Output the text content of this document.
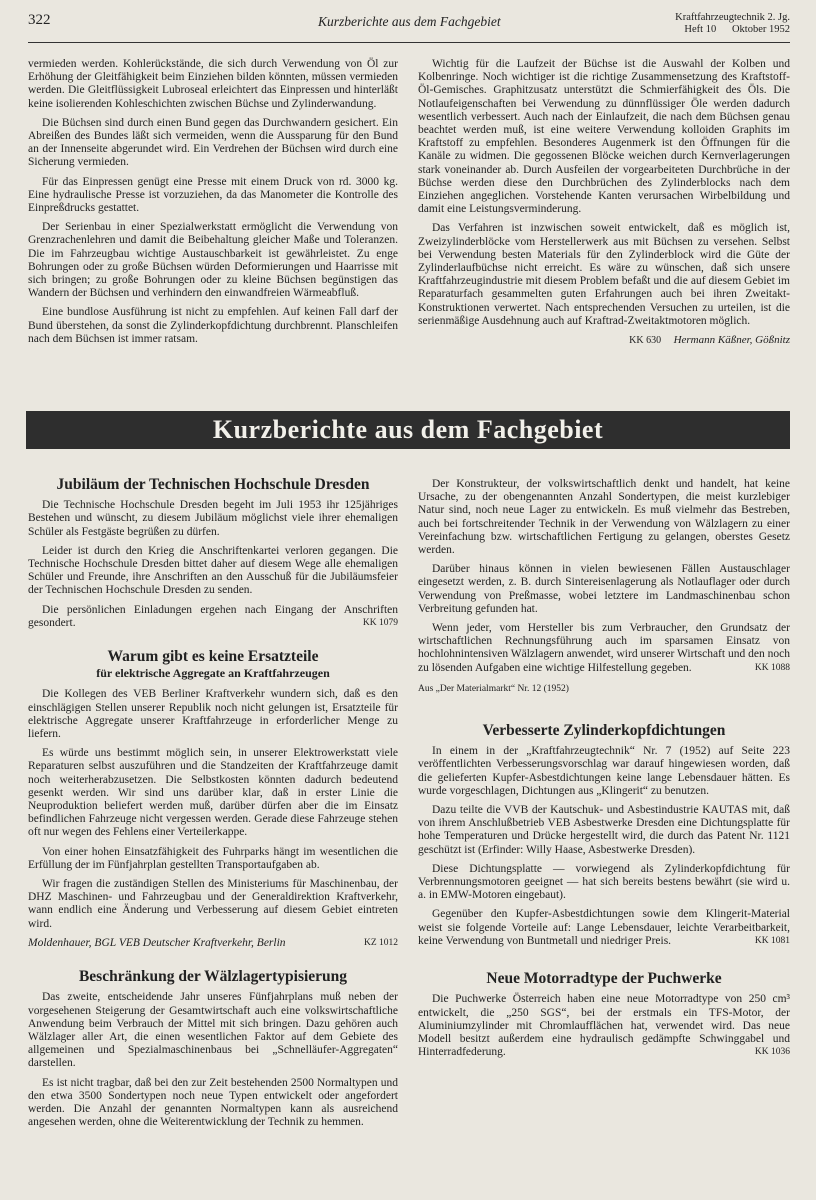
322	Kurzberichte aus dem Fachgebiet	Kraftfahrzeugtechnik 2. Jg.
Heft 10      Oktober 1952

vermieden werden. Kohlerückstände, die sich durch Verwendung von Öl zur Erhöhung der Gleitfähigkeit beim Einziehen bilden könnten, müssen vermieden werden. Die Gleitflüssigkeit Lubroseal erleichtert das Einpressen und hinterläßt keine isolierenden Kohleschichten zwischen Büchse und Zylinderwandung.

Die Büchsen sind durch einen Bund gegen das Durchwandern gesichert. Ein Abreißen des Bundes läßt sich vermeiden, wenn die Aussparung für den Bund an der Innenseite abgerundet wird. Ein Verdrehen der Büchsen wird durch eine Sicherung vermieden.

Für das Einpressen genügt eine Presse mit einem Druck von rd. 3000 kg. Eine hydraulische Presse ist vorzuziehen, da das Manometer die Kontrolle des Einpreßdrucks gestattet.

Der Serienbau in einer Spezialwerkstatt ermöglicht die Verwendung von Grenzrachenlehren und damit die Beibehaltung gleicher Maße und Toleranzen. Die im Fahrzeugbau wichtige Austauschbarkeit ist gewährleistet. Zu enge Bohrungen oder zu große Büchsen würden Deformierungen und Haarrisse mit sich bringen; zu große Bohrungen oder zu kleine Büchsen begünstigen das Wandern der Büchsen und verhindern den einwandfreien Wärmeabfluß.

Eine bundlose Ausführung ist nicht zu empfehlen. Auf keinen Fall darf der Bund überstehen, da sonst die Zylinderkopfdichtung durchbrennt. Planschleifen nach dem Büchsen ist immer ratsam.

Wichtig für die Laufzeit der Büchse ist die Auswahl der Kolben und Kolbenringe. Noch wichtiger ist die richtige Zusammensetzung des Kraftstoff-Öl-Gemisches. Graphitzusatz unterstützt die Schmierfähigkeit des Öls. Die Notlaufeigenschaften bei Verwendung zu dünnflüssiger Öle werden dadurch wesentlich verbessert. Auch nach der Einlaufzeit, die nach dem Büchsen genau beachtet werden muß, ist eine weitere Verwendung kolloiden Graphits im Kraftstoff zu empfehlen. Besonderes Augenmerk ist den Öffnungen für die Kanäle zu widmen. Die gegossenen Blöcke weichen durch Kernverlagerungen stark voneinander ab. Durch Ausfeilen der vorgearbeiteten Durchbrüche in der Büchse werden diese den Durchbrüchen des Zylinderblocks nach dem Einziehen angeglichen. Vorstehende Kanten verursachen Wirbelbildung und damit eine Leistungsverminderung.

Das Verfahren ist inzwischen soweit entwickelt, daß es möglich ist, Zweizylinderblöcke vom Herstellerwerk aus mit Büchsen zu versehen. Selbst bei Verwendung besten Materials für den Zylinderblock wird die Güte der Zylinderlaufbüchse nicht erreicht. Es wäre zu wünschen, daß sich unsere Kraftfahrzeugindustrie mit diesem Problem befaßt und die auf diesem Gebiet im Reparaturfach gesammelten guten Erfahrungen auch bei ihren Zweitakt-Konstruktionen verwertet. Nach entsprechenden Versuchen zu urteilen, ist die serienmäßige Ausdehnung auch auf Kraftrad-Zweitaktmotoren möglich.

KK 630 Hermann Käßner, Gößnitz
Kurzberichte aus dem Fachgebiet
Jubiläum der Technischen Hochschule Dresden

Die Technische Hochschule Dresden begeht im Juli 1953 ihr 125jähriges Bestehen und wünscht, zu diesem Jubiläum möglichst viele ihrer ehemaligen Schüler als Festgäste begrüßen zu dürfen.

Leider ist durch den Krieg die Anschriftenkartei verloren gegangen. Die Technische Hochschule Dresden bittet daher auf diesem Wege alle ehemaligen Schüler und Freunde, ihre Anschriften an den Ausschuß für die Jubiläumsfeier der Technischen Hochschule Dresden zu senden.

Die persönlichen Einladungen ergehen nach Eingang der Anschriften gesondert.	KK 1079

Warum gibt es keine Ersatzteile
für elektrische Aggregate an Kraftfahrzeugen

Die Kollegen des VEB Berliner Kraftverkehr wundern sich, daß es den einschlägigen Stellen unserer Republik noch nicht gelungen ist, Ersatzteile für elektrische Aggregate unserer Kraftfahrzeuge in erforderlicher Menge zu liefern.

Es würde uns bestimmt möglich sein, in unserer Elektrowerkstatt viele Reparaturen selbst auszuführen und die Standzeiten der Kraftfahrzeuge damit noch weiterherabzusetzen. Die Selbstkosten könnten dadurch bedeutend gesenkt werden. Wir sind uns darüber klar, daß in erster Linie die Neuproduktion beliefert werden muß, darüber dürfen aber die im Einsatz befindlichen Fahrzeuge nicht vergessen werden. Gerade diese Fahrzeuge stehen oft nur wegen des Fehlens einer Verteilerkappe.

Von einer hohen Einsatzfähigkeit des Fuhrparks hängt im wesentlichen die Erfüllung der im Fünfjahrplan gestellten Transportaufgaben ab.

Wir fragen die zuständigen Stellen des Ministeriums für Maschinenbau, der DHZ Maschinen- und Fahrzeugbau und der Generaldirektion Kraftverkehr, wann endlich eine Änderung und Verbesserung auf diesem Gebiet eintreten wird.

Moldenhauer, BGL VEB Deutscher Kraftverkehr, Berlin	KZ 1012

Beschränkung der Wälzlagertypisierung

Das zweite, entscheidende Jahr unseres Fünfjahrplans muß neben der vorgesehenen Steigerung der Gesamtwirtschaft auch eine volkswirtschaftliche Anwendung beim Verbrauch der Mittel mit sich bringen. Dazu gehören auch Wälzlager aller Art, die einen wesentlichen Faktor auf dem Gebiete des allgemeinen und Spezialmaschinenbaus bei „Schnelläufer-Aggregaten“ darstellen.

Es ist nicht tragbar, daß bei den zur Zeit bestehenden 2500 Normaltypen und den etwa 3500 Sondertypen noch neue Typen entwickelt oder angefordert werden. Die Anzahl der genannten Normaltypen kann als ausreichend angesehen werden, ohne die Weiterentwicklung der Technik zu hemmen.

Der Konstrukteur, der volkswirtschaftlich denkt und handelt, hat keine Ursache, zu der obengenannten Anzahl Sondertypen, die meist kurzlebiger Natur sind, noch neue Lager zu entwickeln. Es muß vielmehr das Bestreben, auch bei fortschreitender Technik in der Verwendung von Wälzlagern zu einer Vereinfachung bzw. wirtschaftlichen Fertigung zu gelangen, oberstes Gesetz werden.

Darüber hinaus können in vielen bewiesenen Fällen Austauschlager eingesetzt werden, z. B. durch Sintereisenlagerung als Notlauflager oder durch Verwendung von Preßmasse, wobei letztere im Landmaschinenbau schon Verbreitung gefunden hat.

Wenn jeder, vom Hersteller bis zum Verbraucher, den Grundsatz der wirtschaftlichen Rechnungsführung auch im sparsamen Einsatz von hochlohnintensiven Wälzlagern anwendet, wird unserer Wirtschaft und den noch zu lösenden Aufgaben eine wichtige Hilfestellung gegeben.	KK 1088

Aus „Der Materialmarkt“ Nr. 12 (1952)
Verbesserte Zylinderkopfdichtungen

In einem in der „Kraftfahrzeugtechnik“ Nr. 7 (1952) auf Seite 223 veröffentlichten Verbesserungsvorschlag war darauf hingewiesen worden, daß die gelieferten Kupfer-Asbestdichtungen keine lange Lebensdauer hätten. Es wurde vorgeschlagen, Dichtungen aus „Klingerit“ zu benutzen.

Dazu teilte die VVB der Kautschuk- und Asbestindustrie KAUTAS mit, daß von ihrem Anschlußbetrieb VEB Asbestwerke Dresden eine Dichtungsplatte für hohe Temperaturen und Drücke hergestellt wird, die durch das Patent Nr. 1121 geschützt ist (Erfinder: Willy Haase, Asbestwerke Dresden).

Diese Dichtungsplatte — vorwiegend als Zylinderkopfdichtung für Verbrennungsmotoren geeignet — hat sich bereits bestens bewährt (sie wird u. a. in EMW-Motoren eingebaut).

Gegenüber den Kupfer-Asbestdichtungen sowie dem Klingerit-Material weist sie folgende Vorteile auf: Lange Lebensdauer, leichte Verarbeitbarkeit, keine Verwendung von Buntmetall und niedriger Preis.	KK 1081

Neue Motorradtype der Puchwerke

Die Puchwerke Österreich haben eine neue Motorradtype von 250 cm³ entwickelt, die „250 SGS“, bei der erstmals ein TFS-Motor, der Aluminiumzylinder mit Chromlaufflächen hat, verwendet wird. Das neue Modell besitzt außerdem eine hydraulisch gedämpfte Schwinggabel und Hinterradfederung.	KK 1036
